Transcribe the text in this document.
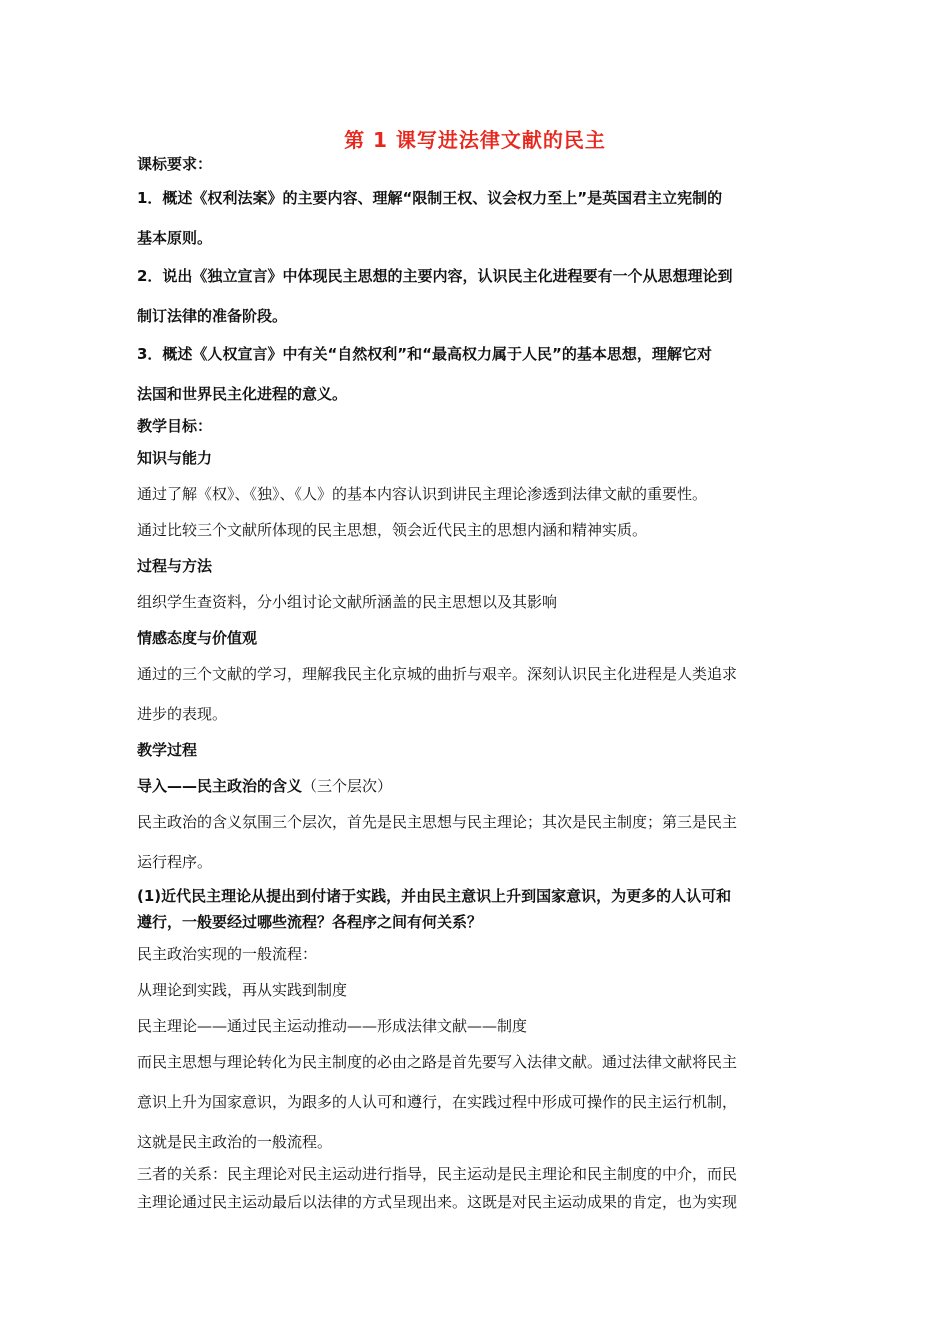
第 1 课写进法律文献的民主
课标要求：
1．概述《权利法案》的主要内容、理解“限制王权、议会权力至上”是英国君主立宪制的
基本原则。
2．说出《独立宣言》中体现民主思想的主要内容，认识民主化进程要有一个从思想理论到
制订法律的准备阶段。
3．概述《人权宣言》中有关“自然权利”和“最高权力属于人民”的基本思想，理解它对
法国和世界民主化进程的意义。
教学目标：
知识与能力
通过了解《权》、《独》、《人》的基本内容认识到讲民主理论渗透到法律文献的重要性。
通过比较三个文献所体现的民主思想，领会近代民主的思想内涵和精神实质。
过程与方法
组织学生查资料，分小组讨论文献所涵盖的民主思想以及其影响
情感态度与价值观
通过的三个文献的学习，理解我民主化京城的曲折与艰辛。深刻认识民主化进程是人类追求
进步的表现。
教学过程
导入——民主政治的含义（三个层次）
民主政治的含义氛围三个层次，首先是民主思想与民主理论；其次是民主制度；第三是民主
运行程序。
(1)近代民主理论从提出到付诸于实践，并由民主意识上升到国家意识，为更多的人认可和
遵行，一般要经过哪些流程？各程序之间有何关系？
民主政治实现的一般流程：
从理论到实践，再从实践到制度
民主理论——通过民主运动推动——形成法律文献——制度
而民主思想与理论转化为民主制度的必由之路是首先要写入法律文献。通过法律文献将民主
意识上升为国家意识，为跟多的人认可和遵行，在实践过程中形成可操作的民主运行机制，
这就是民主政治的一般流程。
三者的关系：民主理论对民主运动进行指导，民主运动是民主理论和民主制度的中介，而民
主理论通过民主运动最后以法律的方式呈现出来。这既是对民主运动成果的肯定，也为实现
